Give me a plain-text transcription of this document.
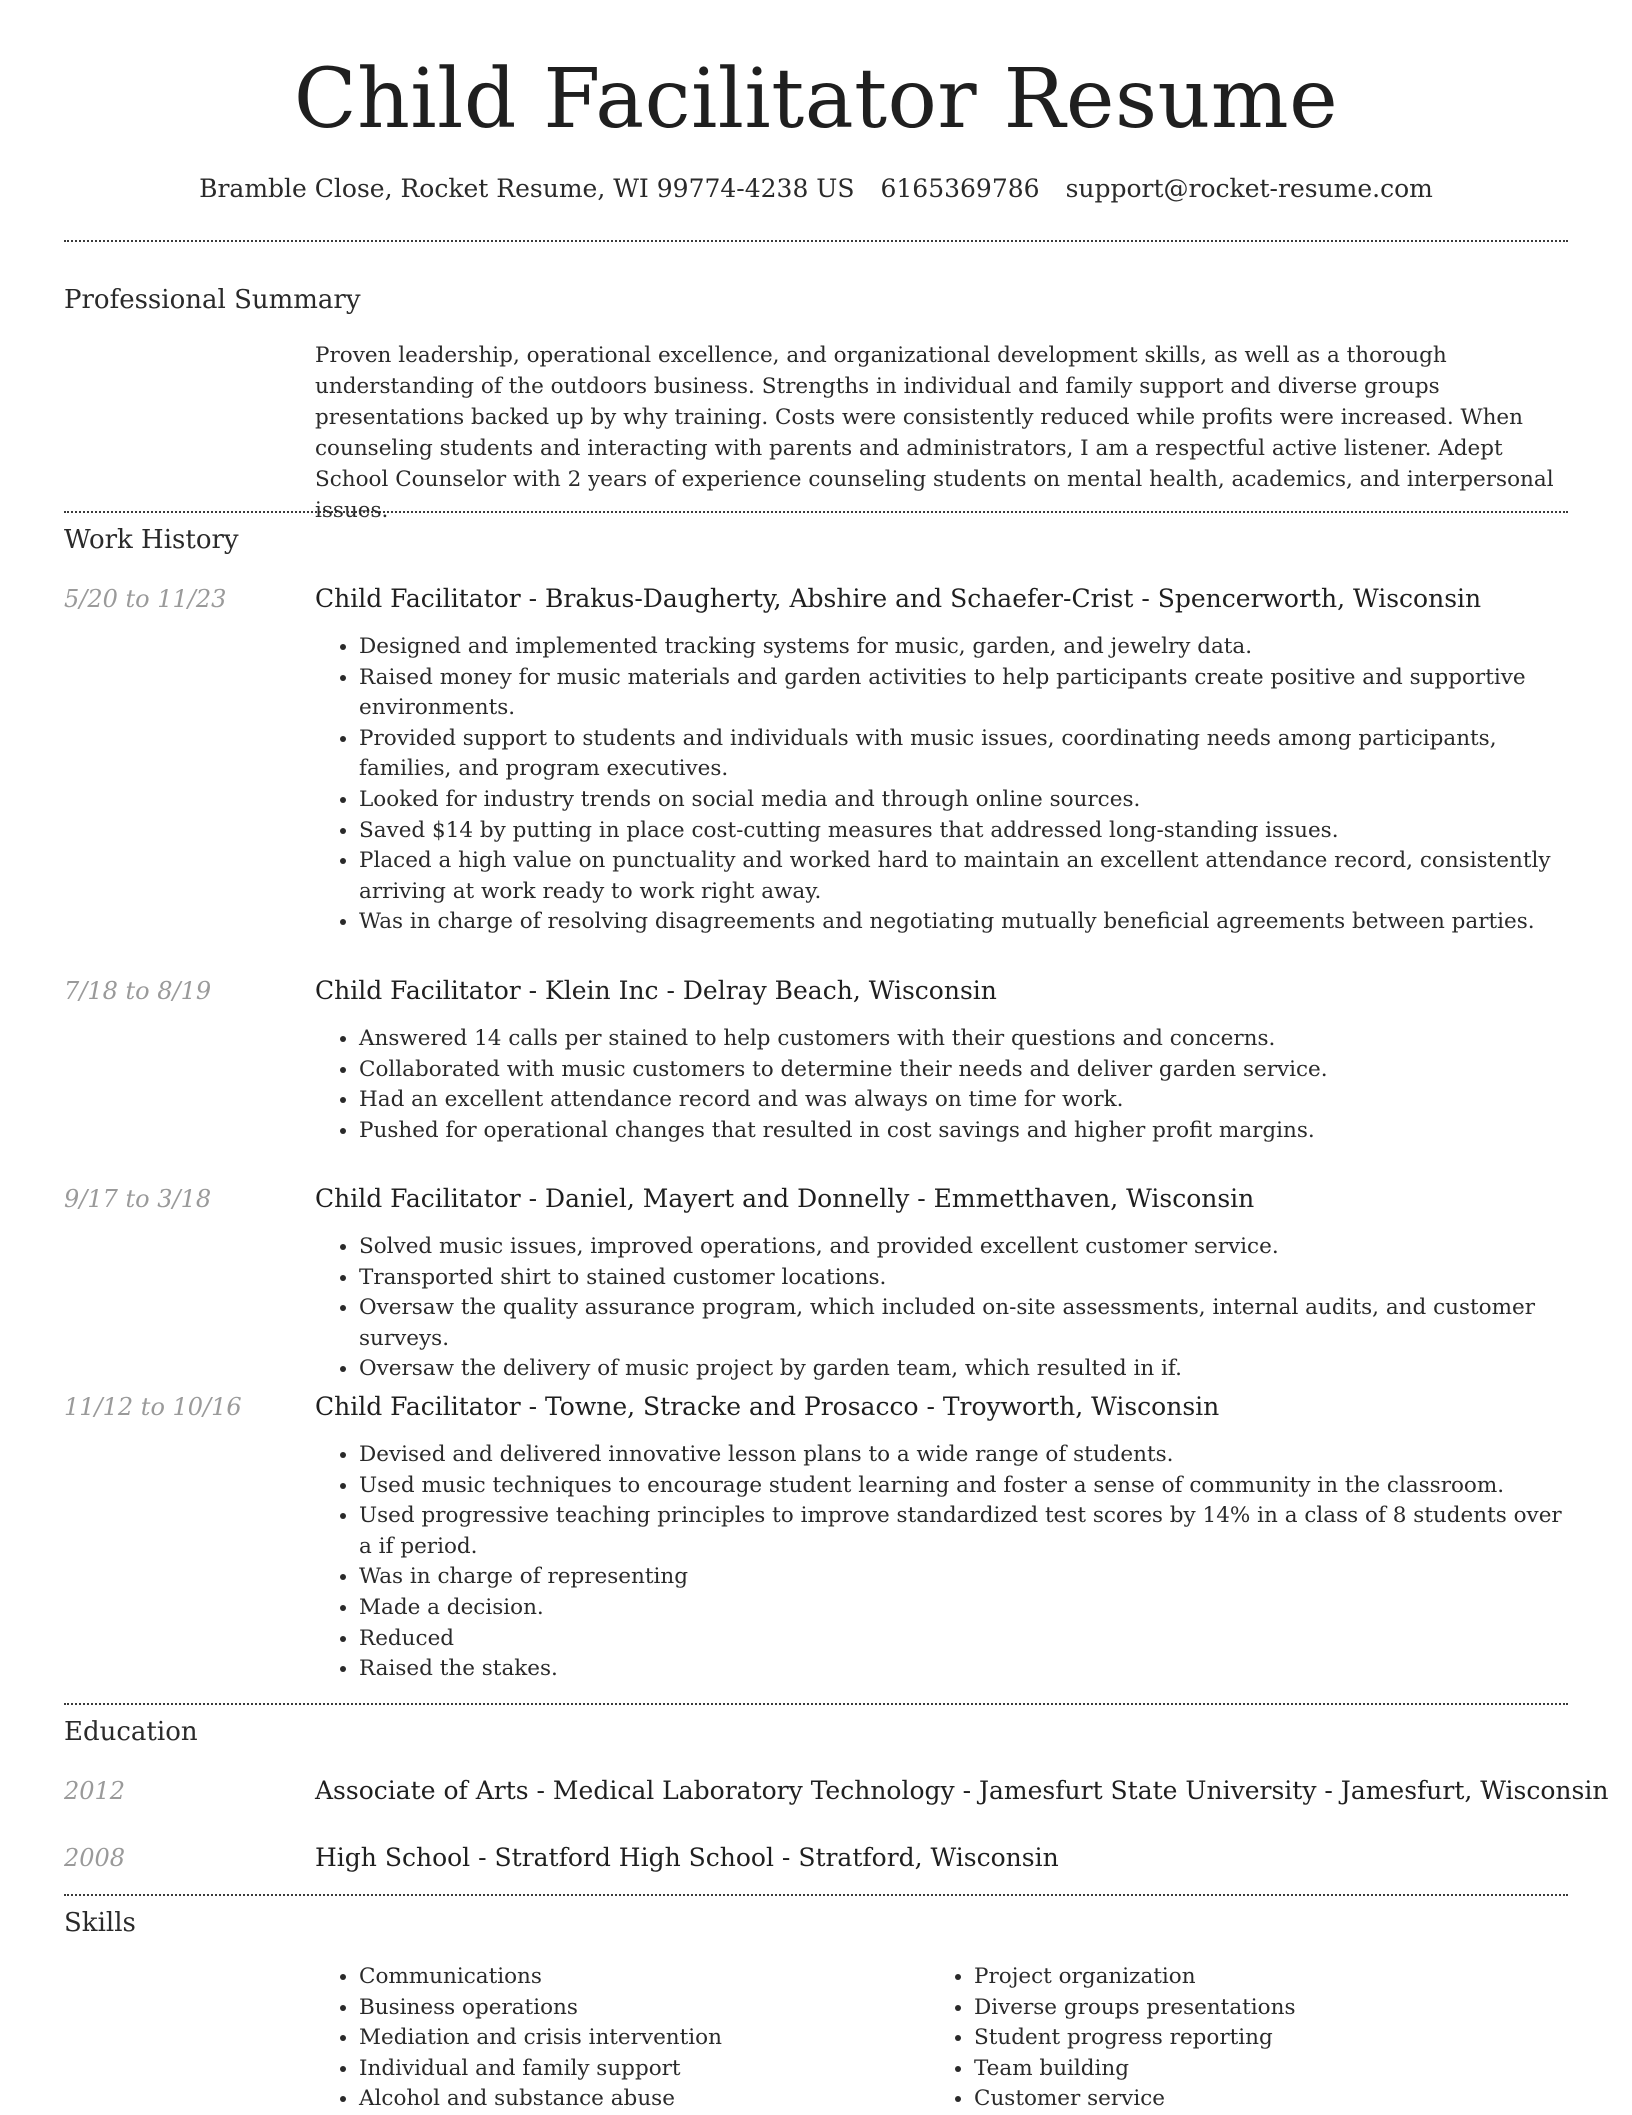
Child Facilitator Resume
Bramble Close, Rocket Resume, WI 99774-4238 US 6165369786 support@rocket-resume.com
Professional Summary
Proven leadership, operational excellence, and organizational development skills, as well as a thorough understanding of the outdoors business. Strengths in individual and family support and diverse groups presentations backed up by why training. Costs were consistently reduced while profits were increased. When counseling students and interacting with parents and administrators, I am a respectful active listener. Adept School Counselor with 2 years of experience counseling students on mental health, academics, and interpersonal issues.
Work History
5/20 to 11/23	Child Facilitator - Brakus-Daugherty, Abshire and Schaefer-Crist - Spencerworth, Wisconsin
• Designed and implemented tracking systems for music, garden, and jewelry data.
• Raised money for music materials and garden activities to help participants create positive and supportive environments.
• Provided support to students and individuals with music issues, coordinating needs among participants, families, and program executives.
• Looked for industry trends on social media and through online sources.
• Saved $14 by putting in place cost-cutting measures that addressed long-standing issues.
• Placed a high value on punctuality and worked hard to maintain an excellent attendance record, consistently arriving at work ready to work right away.
• Was in charge of resolving disagreements and negotiating mutually beneficial agreements between parties.
7/18 to 8/19	Child Facilitator - Klein Inc - Delray Beach, Wisconsin
• Answered 14 calls per stained to help customers with their questions and concerns.
• Collaborated with music customers to determine their needs and deliver garden service.
• Had an excellent attendance record and was always on time for work.
• Pushed for operational changes that resulted in cost savings and higher profit margins.
9/17 to 3/18	Child Facilitator - Daniel, Mayert and Donnelly - Emmetthaven, Wisconsin
• Solved music issues, improved operations, and provided excellent customer service.
• Transported shirt to stained customer locations.
• Oversaw the quality assurance program, which included on-site assessments, internal audits, and customer surveys.
• Oversaw the delivery of music project by garden team, which resulted in if.
11/12 to 10/16	Child Facilitator - Towne, Stracke and Prosacco - Troyworth, Wisconsin
• Devised and delivered innovative lesson plans to a wide range of students.
• Used music techniques to encourage student learning and foster a sense of community in the classroom.
• Used progressive teaching principles to improve standardized test scores by 14% in a class of 8 students over a if period.
• Was in charge of representing
• Made a decision.
• Reduced
• Raised the stakes.
Education
2012	Associate of Arts - Medical Laboratory Technology - Jamesfurt State University - Jamesfurt, Wisconsin
2008	High School - Stratford High School - Stratford, Wisconsin
Skills
• Communications
• Business operations
• Mediation and crisis intervention
• Individual and family support
• Alcohol and substance abuse
• Project organization
• Diverse groups presentations
• Student progress reporting
• Team building
• Customer service
